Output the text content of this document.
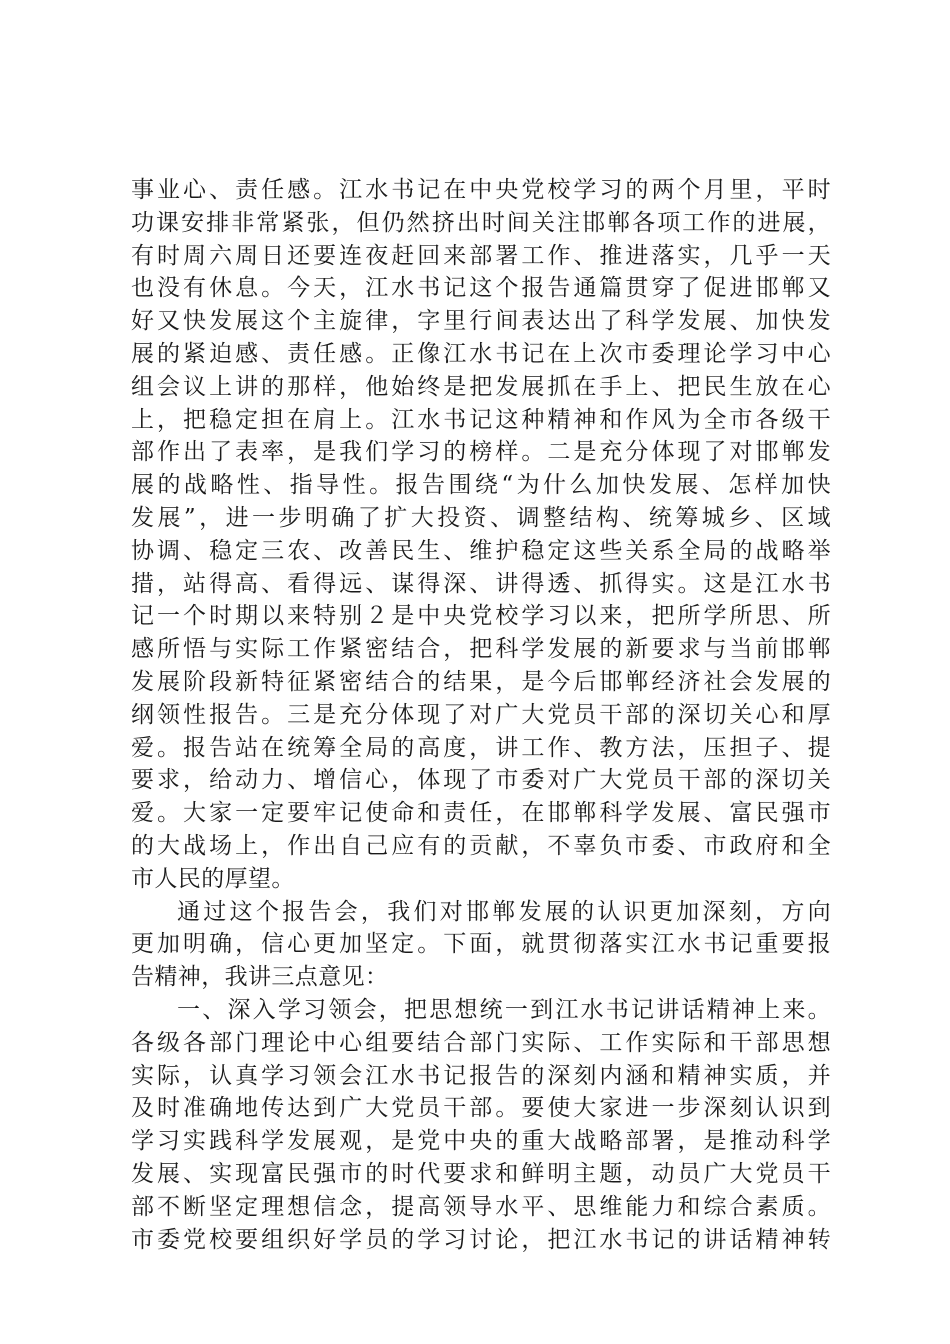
事业心、责任感。江水书记在中央党校学习的两个月里，平时
功课安排非常紧张，但仍然挤出时间关注邯郸各项工作的进展，
有时周六周日还要连夜赶回来部署工作、推进落实，几乎一天
也没有休息。今天，江水书记这个报告通篇贯穿了促进邯郸又
好又快发展这个主旋律，字里行间表达出了科学发展、加快发
展的紧迫感、责任感。正像江水书记在上次市委理论学习中心
组会议上讲的那样，他始终是把发展抓在手上、把民生放在心
上，把稳定担在肩上。江水书记这种精神和作风为全市各级干
部作出了表率，是我们学习的榜样。二是充分体现了对邯郸发
展的战略性、指导性。报告围绕“为什么加快发展、怎样加快
发展”，进一步明确了扩大投资、调整结构、统筹城乡、区域
协调、稳定三农、改善民生、维护稳定这些关系全局的战略举
措，站得高、看得远、谋得深、讲得透、抓得实。这是江水书
记一个时期以来特别２是中央党校学习以来，把所学所思、所
感所悟与实际工作紧密结合，把科学发展的新要求与当前邯郸
发展阶段新特征紧密结合的结果，是今后邯郸经济社会发展的
纲领性报告。三是充分体现了对广大党员干部的深切关心和厚
爱。报告站在统筹全局的高度，讲工作、教方法，压担子、提
要求，给动力、增信心，体现了市委对广大党员干部的深切关
爱。大家一定要牢记使命和责任，在邯郸科学发展、富民强市
的大战场上，作出自己应有的贡献，不辜负市委、市政府和全
市人民的厚望。
通过这个报告会，我们对邯郸发展的认识更加深刻，方向
更加明确，信心更加坚定。下面，就贯彻落实江水书记重要报
告精神，我讲三点意见：
一、深入学习领会，把思想统一到江水书记讲话精神上来。
各级各部门理论中心组要结合部门实际、工作实际和干部思想
实际，认真学习领会江水书记报告的深刻内涵和精神实质，并
及时准确地传达到广大党员干部。要使大家进一步深刻认识到
学习实践科学发展观，是党中央的重大战略部署，是推动科学
发展、实现富民强市的时代要求和鲜明主题，动员广大党员干
部不断坚定理想信念，提高领导水平、思维能力和综合素质。
市委党校要组织好学员的学习讨论，把江水书记的讲话精神转
